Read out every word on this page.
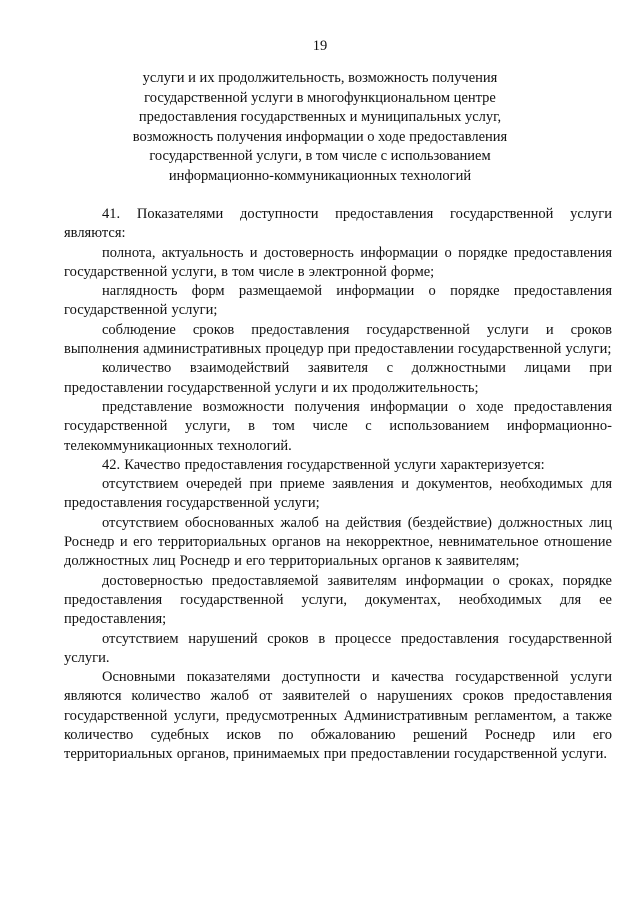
19
услуги и их продолжительность, возможность получения
государственной услуги в многофункциональном центре
предоставления государственных и муниципальных услуг,
возможность получения информации о ходе предоставления
государственной услуги, в том числе с использованием
информационно-коммуникационных технологий

41. Показателями доступности предоставления государственной услуги являются:

полнота, актуальность и достоверность информации о порядке предоставления государственной услуги, в том числе в электронной форме;

наглядность форм размещаемой информации о порядке предоставления государственной услуги;

соблюдение сроков предоставления государственной услуги и сроков выполнения административных процедур при предоставлении государственной услуги;

количество взаимодействий заявителя с должностными лицами при предоставлении государственной услуги и их продолжительность;

представление возможности получения информации о ходе предоставления государственной услуги, в том числе с использованием информационно-телекоммуникационных технологий.

42. Качество предоставления государственной услуги характеризуется:

отсутствием очередей при приеме заявления и документов, необходимых для предоставления государственной услуги;

отсутствием обоснованных жалоб на действия (бездействие) должностных лиц Роснедр и его территориальных органов на некорректное, невнимательное отношение должностных лиц Роснедр и его территориальных органов к заявителям;

достоверностью предоставляемой заявителям информации о сроках, порядке предоставления государственной услуги, документах, необходимых для ее предоставления;

отсутствием нарушений сроков в процессе предоставления государственной услуги.

Основными показателями доступности и качества государственной услуги являются количество жалоб от заявителей о нарушениях сроков предоставления государственной услуги, предусмотренных Административным регламентом, а также количество судебных исков по обжалованию решений Роснедр или его территориальных органов, принимаемых при предоставлении государственной услуги.
